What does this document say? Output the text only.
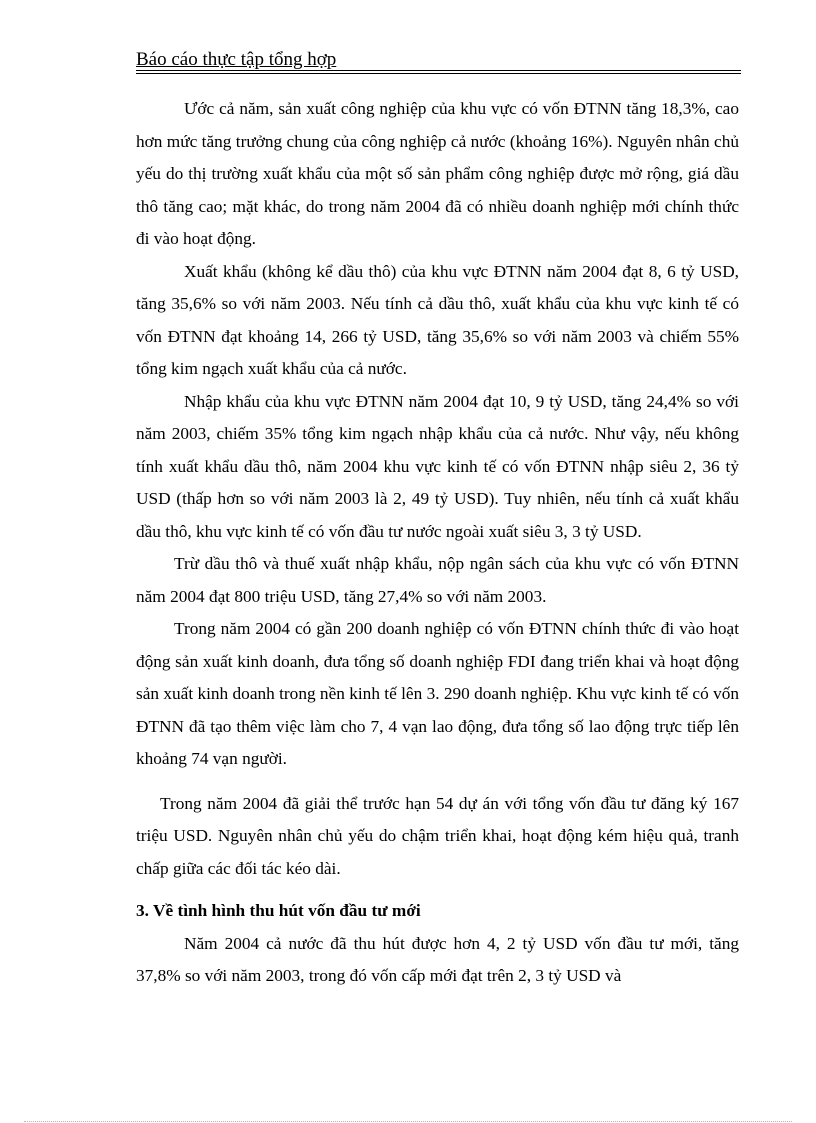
Báo cáo thực tập tổng hợp

Ước cả năm, sản xuất công nghiệp của khu vực có vốn ĐTNN tăng 18,3%, cao hơn mức tăng trưởng chung của công nghiệp cả nước (khoảng 16%). Nguyên nhân chủ yếu do thị trường xuất khẩu của một số sản phẩm công nghiệp được mở rộng, giá dầu thô tăng cao; mặt khác, do trong năm 2004 đã có nhiều doanh nghiệp mới chính thức đi vào hoạt động.

Xuất khẩu (không kể dầu thô) của khu vực ĐTNN năm 2004 đạt 8, 6 tỷ USD, tăng 35,6% so với năm 2003. Nếu tính cả dầu thô, xuất khẩu của khu vực kinh tế có vốn ĐTNN đạt khoảng 14, 266 tỷ USD, tăng 35,6% so với năm 2003 và chiếm 55% tổng kim ngạch xuất khẩu của cả nước.

Nhập khẩu của khu vực ĐTNN năm 2004 đạt 10, 9 tỷ USD, tăng 24,4% so với năm 2003, chiếm 35% tổng kim ngạch nhập khẩu của cả nước. Như vậy, nếu không tính xuất khẩu dầu thô, năm 2004 khu vực kinh tế có vốn ĐTNN nhập siêu 2, 36 tỷ USD (thấp hơn so với năm 2003 là 2, 49 tỷ USD). Tuy nhiên, nếu tính cả xuất khẩu dầu thô, khu vực kinh tế có vốn đầu tư nước ngoài xuất siêu 3, 3 tỷ USD.

Trừ dầu thô và thuế xuất nhập khẩu, nộp ngân sách của khu vực có vốn ĐTNN năm 2004 đạt 800 triệu USD, tăng 27,4% so với năm 2003.

Trong năm 2004 có gần 200 doanh nghiệp có vốn ĐTNN chính thức đi vào hoạt động sản xuất kinh doanh, đưa tổng số doanh nghiệp FDI đang triển khai và hoạt động sản xuất kinh doanh trong nền kinh tế lên 3. 290 doanh nghiệp. Khu vực kinh tế có vốn ĐTNN đã tạo thêm việc làm cho 7, 4 vạn lao động, đưa tổng số lao động trực tiếp lên khoảng 74 vạn người.

Trong năm 2004 đã giải thể trước hạn 54 dự án với tổng vốn đầu tư đăng ký 167 triệu USD. Nguyên nhân chủ yếu do chậm triển khai, hoạt động kém hiệu quả, tranh chấp giữa các đối tác kéo dài.

3. Về tình hình thu hút vốn đầu tư mới

Năm 2004 cả nước đã thu hút được hơn 4, 2 tỷ USD vốn đầu tư mới, tăng 37,8% so với năm 2003, trong đó vốn cấp mới đạt trên 2, 3 tỷ USD và
